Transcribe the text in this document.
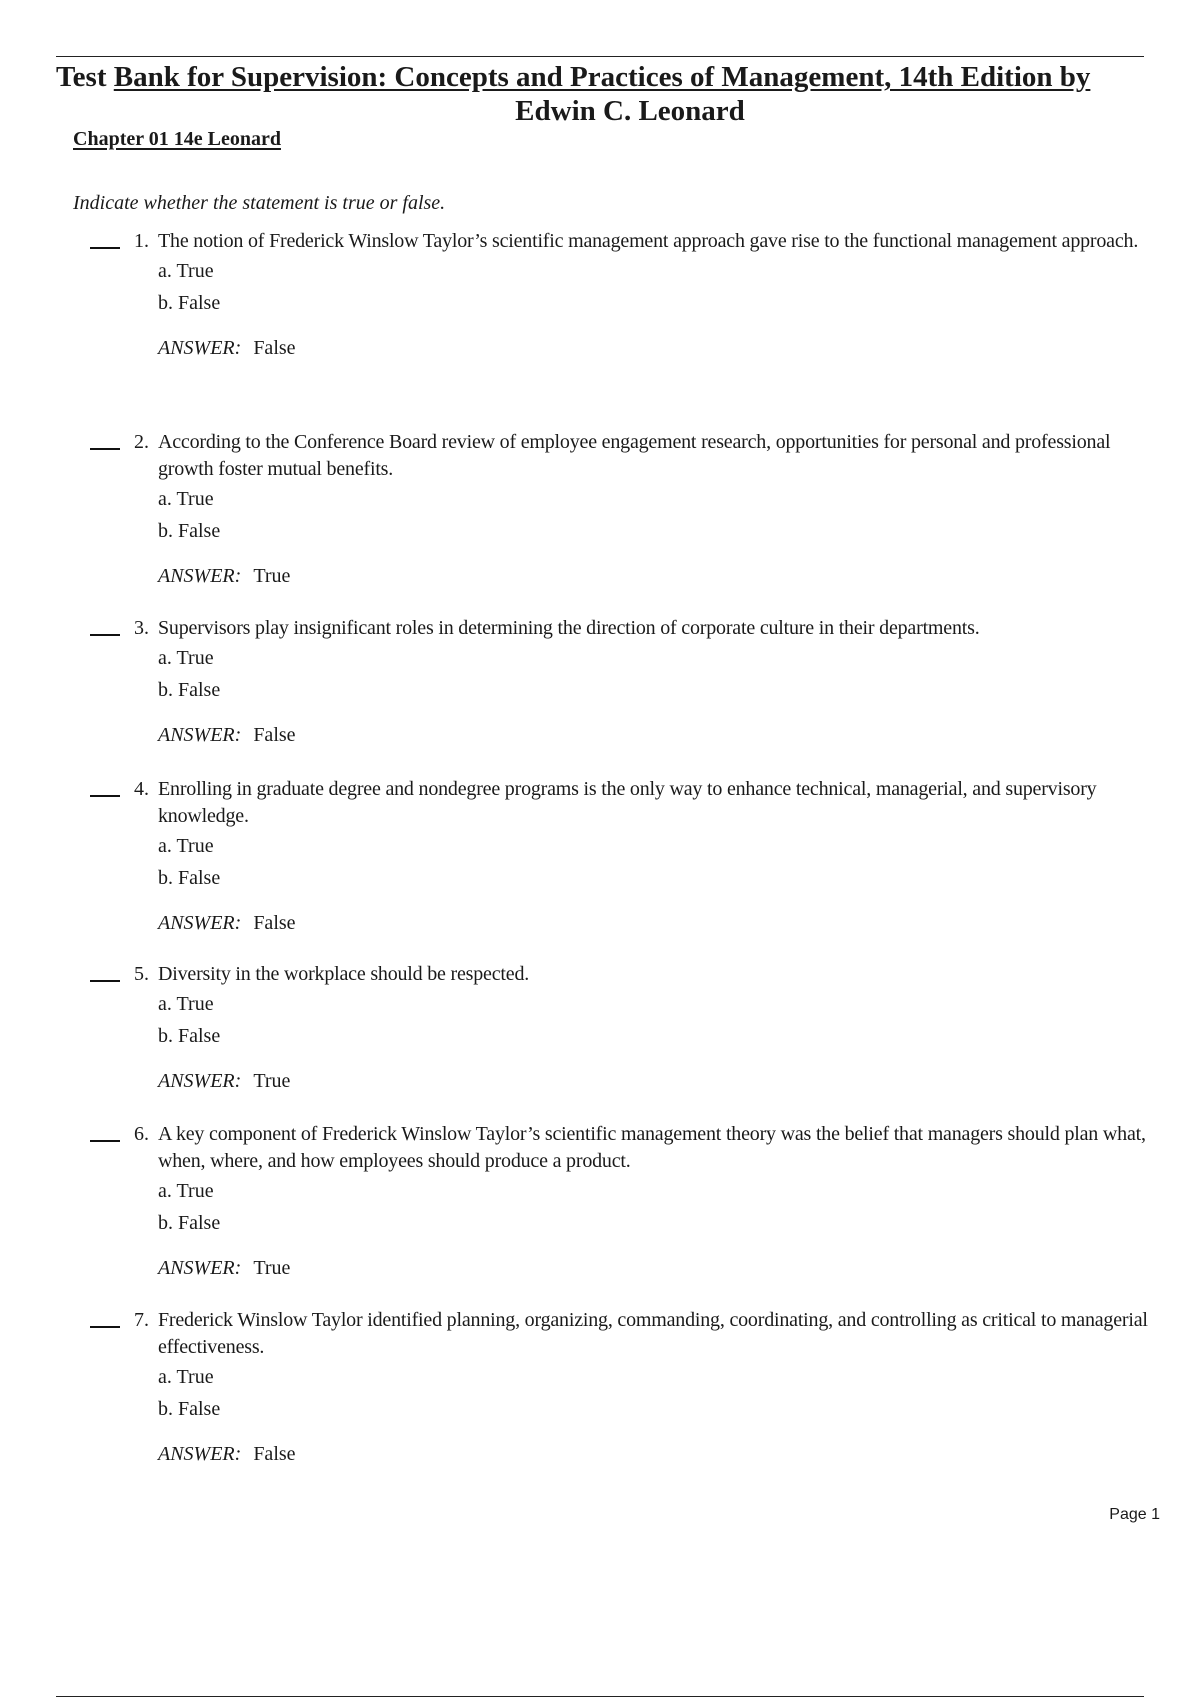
Test Bank for Supervision: Concepts and Practices of Management, 14th Edition by
Edwin C. Leonard
Chapter 01 14e Leonard
Indicate whether the statement is true or false.
1. The notion of Frederick Winslow Taylor’s scientific management approach gave rise to the functional management approach.
a. True
b. False
ANSWER: False
2. According to the Conference Board review of employee engagement research, opportunities for personal and professional growth foster mutual benefits.
a. True
b. False
ANSWER: True
3. Supervisors play insignificant roles in determining the direction of corporate culture in their departments.
a. True
b. False
ANSWER: False
4. Enrolling in graduate degree and nondegree programs is the only way to enhance technical, managerial, and supervisory knowledge.
a. True
b. False
ANSWER: False
5. Diversity in the workplace should be respected.
a. True
b. False
ANSWER: True
6. A key component of Frederick Winslow Taylor’s scientific management theory was the belief that managers should plan what, when, where, and how employees should produce a product.
a. True
b. False
ANSWER: True
7. Frederick Winslow Taylor identified planning, organizing, commanding, coordinating, and controlling as critical to managerial effectiveness.
a. True
b. False
ANSWER: False
Page 1
